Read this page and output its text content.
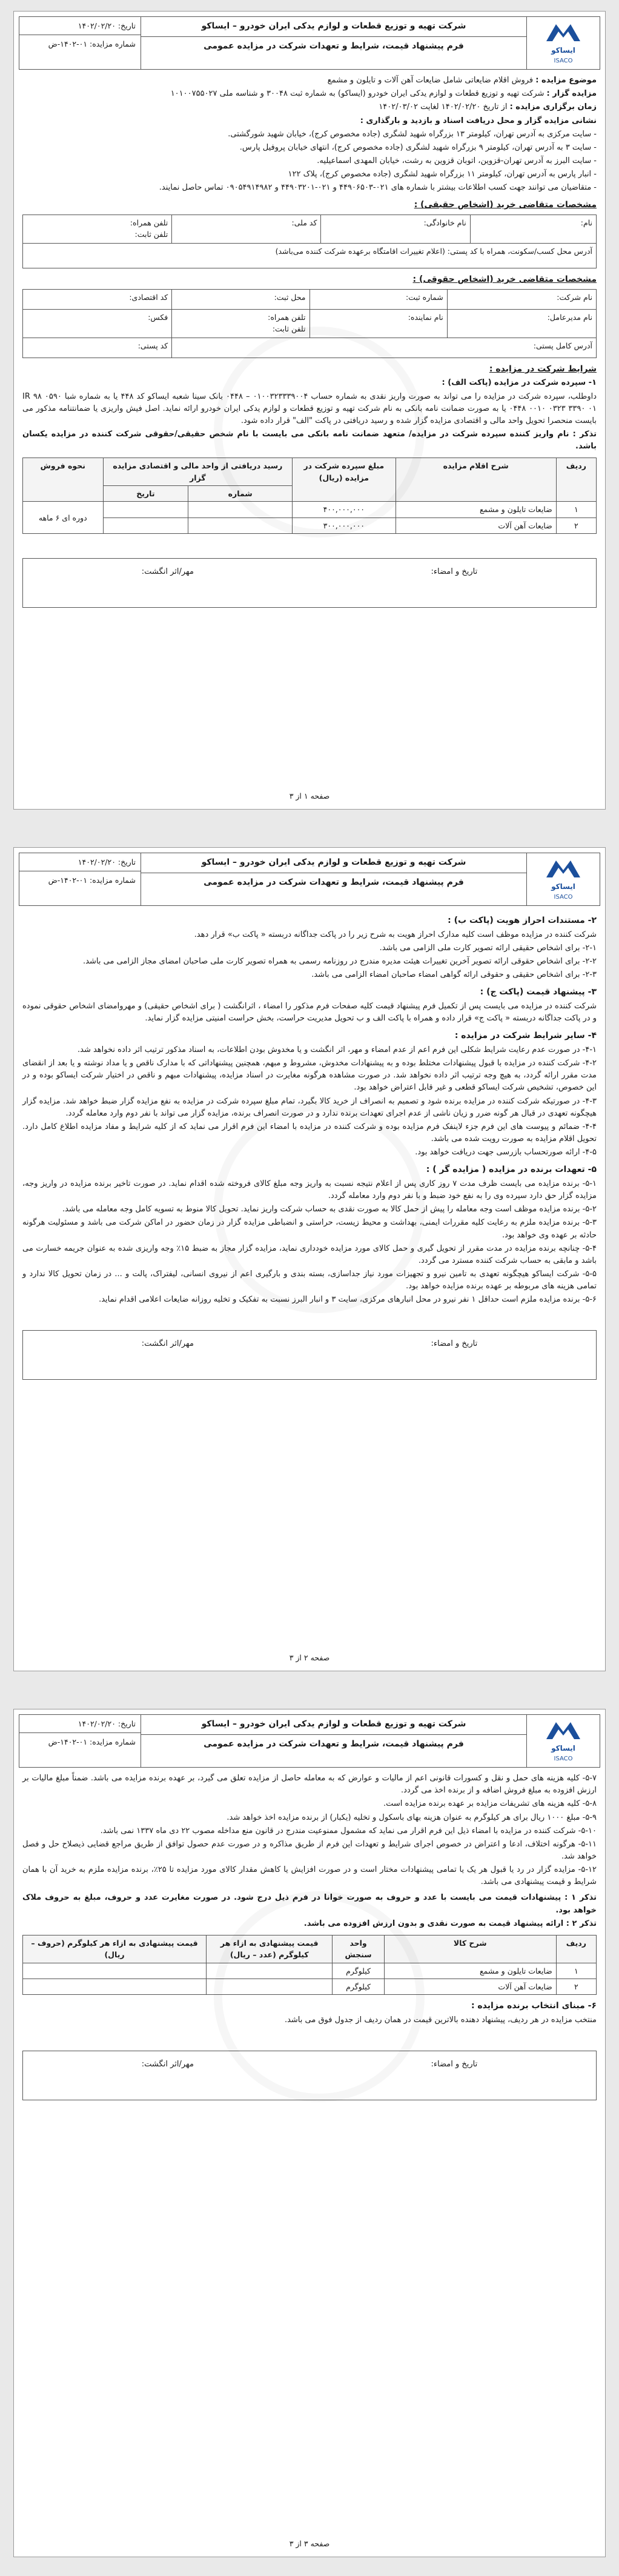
ایساکو
ISACO
شرکت تهیه و توزیع قطعات و لوازم یدکی ایران خودرو – ایساکو
فرم پیشنهاد قیمت، شرایط و تعهدات شرکت در مزایده عمومی
تاریخ: ۱۴۰۲/۰۲/۲۰
شماره مزایده: ۰۱-۱۴۰۲-ض
موضوع مزایده : فروش اقلام ضایعاتی شامل ضایعات آهن آلات و تایلون و مشمع
مزایده گزار : شرکت تهیه و توزیع قطعات و لوازم یدکی ایران خودرو (ایساکو) به شماره ثبت ۳۰۰۴۸ و شناسه ملی ۱۰۱۰۰۷۵۵۰۲۷
زمان برگزاری مزایده : از تاریخ ۱۴۰۲/۰۲/۲۰ لغایت ۱۴۰۲/۰۳/۰۲
نشانی مزایده گزار و محل دریافت اسناد و بازدید و بارگذاری :
- سایت مرکزی به آدرس تهران، کیلومتر ۱۳ بزرگراه شهید لشگری (جاده مخصوص کرج)، خیابان شهید شورگشتی.
- سایت ۳ به آدرس تهران، کیلومتر ۹ بزرگراه شهید لشگری (جاده مخصوص کرج)، انتهای خیابان پروفیل پارس.
- سایت البرز به آدرس تهران-قزوین، اتوبان قزوین به رشت، خیابان المهدی اسماعیلیه.
- انبار پارس به آدرس تهران، کیلومتر ۱۱ بزرگراه شهید لشگری (جاده مخصوص کرج)، پلاک ۱۲۲
- متقاضیان می توانند جهت کسب اطلاعات بیشتر با شماره های ۰۲۱-۴۴۹۰۶۵۰۳ و ۰۲۱-۴۴۹۰۳۲۰۱ و ۰۹۰۵۴۹۱۴۹۸۲ تماس حاصل نمایند.
مشخصات متقاضی خرید (اشخاص حقیقی) :
نام:	نام خانوادگی:	کد ملی:	
تلفن همراه:
تلفن ثابت:

آدرس محل کسب/سکونت، همراه با کد پستی: (اعلام تغییرات اقامتگاه برعهده شرکت کننده می‌باشد)
مشخصات متقاضی خرید (اشخاص حقوقی) :
نام شرکت:	شماره ثبت:	محل ثبت:	کد اقتصادی:
نام مدیرعامل:	نام نماینده:	تلفن همراه:
تلفن ثابت:	فکس:
آدرس کامل پستی:			کد پستی:
شرایط شرکت در مزایده :
۱- سپرده شرکت در مزایده (پاکت الف) :
داوطلب، سپرده شرکت در مزایده را می تواند به صورت واریز نقدی به شماره حساب ۰۱۰۰۳۲۳۳۳۹۰۰۴ – ۰۴۴۸ بانک سینا شعبه ایساکو کد ۴۴۸ یا به شماره شبا IR ۹۸ ۰۵۹۰ ۰۴۴۸ ۰۰۱۰ ۰۳۲۳ ۳۳۹۰ ۰۱ یا به صورت ضمانت نامه بانکی به نام شرکت تهیه و توزیع قطعات و لوازم یدکی ایران خودرو ارائه نماید. اصل فیش واریزی یا ضمانتنامه مذکور می بایست منحصرا تحویل واحد مالی و اقتصادی مزایده گزار شده و رسید دریافتی در پاکت "الف" قرار داده شود.
تذکر : نام واریز کننده سپرده شرکت در مزایده/ متعهد ضمانت نامه بانکی می بایست با نام شخص حقیقی/حقوقی شرکت کننده در مزایده یکسان باشد.
ردیف	شرح اقلام مزایده	مبلغ سپرده شرکت در مزایده (ریال)	رسید دریافتی از واحد مالی و اقتصادی مزایده گزار		نحوه فروش
			شماره	تاریخ	
۱	ضایعات تایلون و مشمع	۴۰۰,۰۰۰,۰۰۰			دوره ای ۶ ماهه
۲	ضایعات آهن آلات	۳۰۰,۰۰۰,۰۰۰			
تاریخ و امضاء:
مهر/اثر انگشت:
صفحه ۱ از ۳
ایساکو
ISACO
شرکت تهیه و توزیع قطعات و لوازم یدکی ایران خودرو – ایساکو
فرم پیشنهاد قیمت، شرایط و تعهدات شرکت در مزایده عمومی
تاریخ: ۱۴۰۲/۰۲/۲۰
شماره مزایده: ۰۱-۱۴۰۲-ض
۲- مستندات احراز هویت (پاکت ب) :
شرکت کننده در مزایده موظف است کلیه مدارک احراز هویت به شرح زیر را در پاکت جداگانه دربسته « پاکت ب» قرار دهد.
۲-۱- برای اشخاص حقیقی ارائه تصویر کارت ملی الزامی می باشد.
۲-۲- برای اشخاص حقوقی ارائه تصویر آخرین تغییرات هیئت مدیره مندرج در روزنامه رسمی به همراه تصویر کارت ملی صاحبان امضای مجاز الزامی می باشد.
۲-۳- برای اشخاص حقیقی و حقوقی ارائه گواهی امضاء صاحبان امضاء الزامی می باشد.
۳- پیشنهاد قیمت (پاکت ج) :
شرکت کننده در مزایده می بایست پس از تکمیل فرم پیشنهاد قیمت کلیه صفحات فرم مذکور را امضاء ، اثرانگشت ( برای اشخاص حقیقی) و مهروامضای اشخاص حقوقی نموده و در پاکت جداگانه دربسته « پاکت ج» قرار داده و همراه با پاکت الف و ب تحویل مدیریت حراست، بخش حراست امنیتی مزایده گزار نماید.
۴- سایر شرایط شرکت در مزایده :
۴-۱- در صورت عدم رعایت شرایط شکلی این فرم اعم از عدم امضاء و مهر، اثر انگشت و یا مخدوش بودن اطلاعات، به اسناد مذکور ترتیب اثر داده نخواهد شد.
۴-۲- شرکت کننده در مزایده با قبول پیشنهادات مختلط بوده و به پیشنهادات مخدوش، مشروط و مبهم، همچنین پیشنهاداتی که با مدارک ناقص و یا مداد نوشته و یا بعد از انقضای مدت مقرر ارائه گردد، به هیچ وجه ترتیب اثر داده نخواهد شد. در صورت مشاهده هرگونه مغایرت در اسناد مزایده، پیشنهادات مبهم و ناقص در اختیار شرکت ایساکو بوده و در این خصوص، تشخیص شرکت ایساکو قطعی و غیر قابل اعتراض خواهد بود.
۴-۳- در صورتیکه شرکت کننده در مزایده برنده شود و تصمیم به انصراف از خرید کالا بگیرد، تمام مبلغ سپرده شرکت در مزایده به نفع مزایده گزار ضبط خواهد شد. مزایده گزار هیچگونه تعهدی در قبال هر گونه ضرر و زیان ناشی از عدم اجرای تعهدات برنده ندارد و در صورت انصراف برنده، مزایده گزار می تواند با نفر دوم وارد معامله گردد.
۴-۴- ضمائم و پیوست های این فرم جزء لاینفک فرم مزایده بوده و شرکت کننده در مزایده با امضاء این فرم اقرار می نماید که از کلیه شرایط و مفاد مزایده اطلاع کامل دارد. تحویل اقلام مزایده به صورت رویت شده می باشد.
۴-۵- ارائه صورتحساب بازرسی جهت دریافت خواهد بود.
۵- تعهدات برنده در مزایده ( مزایده گر ) :
۵-۱- برنده مزایده می بایست ظرف مدت ۷ روز کاری پس از اعلام نتیجه نسبت به واریز وجه مبلغ کالای فروخته شده اقدام نماید. در صورت تاخیر برنده مزایده در واریز وجه، مزایده گزار حق دارد سپرده وی را به نفع خود ضبط و با نفر دوم وارد معامله گردد.
۵-۲- برنده مزایده موظف است وجه معامله را پیش از حمل کالا به صورت نقدی به حساب شرکت واریز نماید. تحویل کالا منوط به تسویه کامل وجه معامله می باشد.
۵-۳- برنده مزایده ملزم به رعایت کلیه مقررات ایمنی، بهداشت و محیط زیست، حراستی و انضباطی مزایده گزار در زمان حضور در اماکن شرکت می باشد و مسئولیت هرگونه حادثه بر عهده وی خواهد بود.
۵-۴- چنانچه برنده مزایده در مدت مقرر از تحویل گیری و حمل کالای مورد مزایده خودداری نماید، مزایده گزار مجاز به ضبط ۱۵٪ وجه واریزی شده به عنوان جریمه خسارت می باشد و مابقی به حساب شرکت کننده مسترد می گردد.
۵-۵- شرکت ایساکو هیچگونه تعهدی به تامین نیرو و تجهیزات مورد نیاز جداسازی، بسته بندی و بارگیری اعم از نیروی انسانی، لیفتراک، پالت و ... در زمان تحویل کالا ندارد و تمامی هزینه های مربوطه بر عهده برنده مزایده خواهد بود.
۵-۶- برنده مزایده ملزم است حداقل ۱ نفر نیرو در محل انبارهای مرکزی، سایت ۳ و انبار البرز نسبت به تفکیک و تخلیه روزانه ضایعات اعلامی اقدام نماید.
تاریخ و امضاء:
مهر/اثر انگشت:
صفحه ۲ از ۳
ایساکو
ISACO
شرکت تهیه و توزیع قطعات و لوازم یدکی ایران خودرو – ایساکو
فرم پیشنهاد قیمت، شرایط و تعهدات شرکت در مزایده عمومی
تاریخ: ۱۴۰۲/۰۲/۲۰
شماره مزایده: ۰۱-۱۴۰۲-ض
۵-۷- کلیه هزینه های حمل و نقل و کسورات قانونی اعم از مالیات و عوارض که به معامله حاصل از مزایده تعلق می گیرد، بر عهده برنده مزایده می باشد. ضمناً مبلغ مالیات بر ارزش افزوده به مبلغ فروش اضافه و از برنده اخذ می گردد.
۵-۸- کلیه هزینه های تشریفات مزایده بر عهده برنده مزایده است.
۵-۹- مبلغ ۱۰۰۰ ریال برای هر کیلوگرم به عنوان هزینه بهای باسکول و تخلیه (یکبار) از برنده مزایده اخذ خواهد شد.
۵-۱۰- شرکت کننده در مزایده با امضاء ذیل این فرم اقرار می نماید که مشمول ممنوعیت مندرج در قانون منع مداخله مصوب ۲۲ دی ماه ۱۳۳۷ نمی باشد.
۵-۱۱- هرگونه اختلاف، ادعا و اعتراض در خصوص اجرای شرایط و تعهدات این فرم از طریق مذاکره و در صورت عدم حصول توافق از طریق مراجع قضایی ذیصلاح حل و فصل خواهد شد.
۵-۱۲- مزایده گزار در رد یا قبول هر یک یا تمامی پیشنهادات مختار است و در صورت افزایش یا کاهش مقدار کالای مورد مزایده تا ۲۵٪، برنده مزایده ملزم به خرید آن با همان شرایط و قیمت پیشنهادی می باشد.
تذکر ۱ : پیشنهادات قیمت می بایست با عدد و حروف به صورت خوانا در فرم ذیل درج شود. در صورت مغایرت عدد و حروف، مبلغ به حروف ملاک خواهد بود.
تذکر ۲ : ارائه پیشنهاد قیمت به صورت نقدی و بدون ارزش افزوده می باشد.
ردیف	شرح کالا	واحد سنجش	قیمت پیشنهادی به ازاء هر کیلوگرم (عدد – ریال)	قیمت پیشنهادی به ازاء هر کیلوگرم (حروف – ریال)
۱	ضایعات تایلون و مشمع	کیلوگرم		
۲	ضایعات آهن آلات	کیلوگرم		
۶- مبنای انتخاب برنده مزایده :
منتخب مزایده در هر ردیف، پیشنهاد دهنده بالاترین قیمت در همان ردیف از جدول فوق می باشد.
تاریخ و امضاء:
مهر/اثر انگشت:
صفحه ۳ از ۳
